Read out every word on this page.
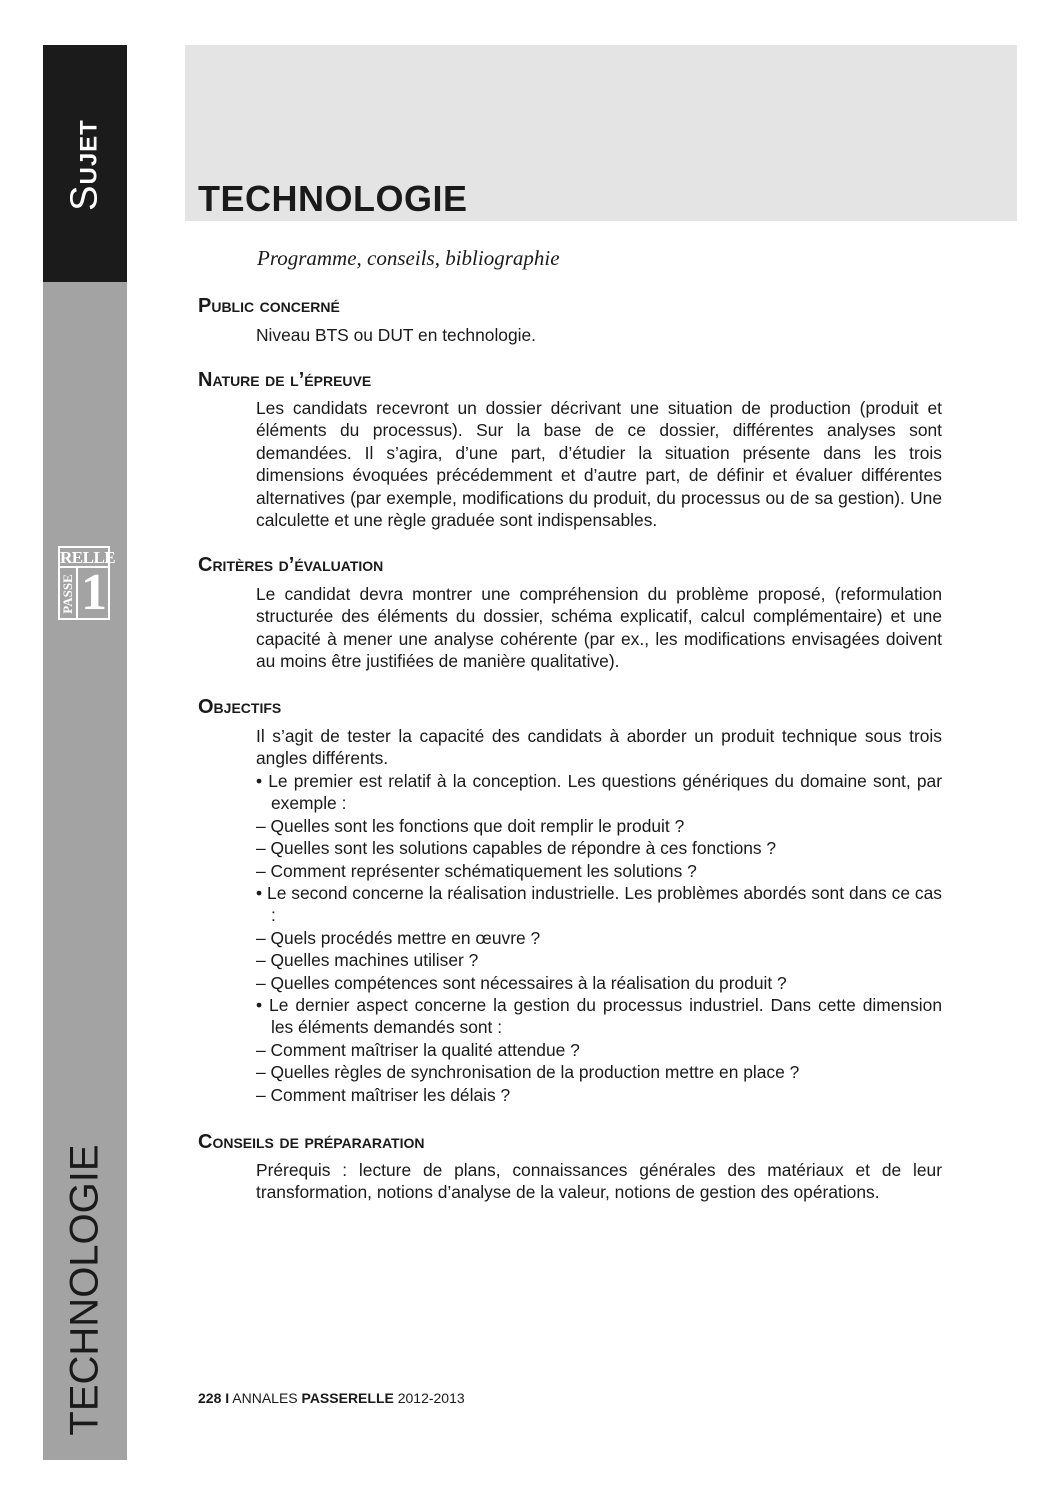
Sujet
RELLE
PASSE 1
TECHNOLOGIE
TECHNOLOGIE
Programme, conseils, bibliographie
Public concerné

Niveau BTS ou DUT en technologie.

Nature de l’épreuve

Les candidats recevront un dossier décrivant une situation de production (produit et éléments du processus). Sur la base de ce dossier, différentes analyses sont demandées. Il s’agira, d’une part, d’étudier la situation présente dans les trois dimensions évoquées précédemment et d’autre part, de définir et évaluer différentes alternatives (par exemple, modifications du produit, du processus ou de sa gestion). Une calculette et une règle graduée sont indispensables.

Critères d’évaluation

Le candidat devra montrer une compréhension du problème proposé, (reformulation structurée des éléments du dossier, schéma explicatif, calcul complémentaire) et une capacité à mener une analyse cohérente (par ex., les modifications envisagées doivent au moins être justifiées de manière qualitative).

Objectifs

Il s’agit de tester la capacité des candidats à aborder un produit technique sous trois angles différents.

• Le premier est relatif à la conception. Les questions génériques du domaine sont, par exemple :
– Quelles sont les fonctions que doit remplir le produit ?
– Quelles sont les solutions capables de répondre à ces fonctions ?
– Comment représenter schématiquement les solutions ?
• Le second concerne la réalisation industrielle. Les problèmes abordés sont dans ce cas :
– Quels procédés mettre en œuvre ?
– Quelles machines utiliser ?
– Quelles compétences sont nécessaires à la réalisation du produit ?
• Le dernier aspect concerne la gestion du processus industriel. Dans cette dimension les éléments demandés sont :
– Comment maîtriser la qualité attendue ?
– Quelles règles de synchronisation de la production mettre en place ?
– Comment maîtriser les délais ?
Conseils de prépararation

Prérequis : lecture de plans, connaissances générales des matériaux et de leur transformation, notions d’analyse de la valeur, notions de gestion des opérations.

228 I ANNALES PASSERELLE 2012-2013
